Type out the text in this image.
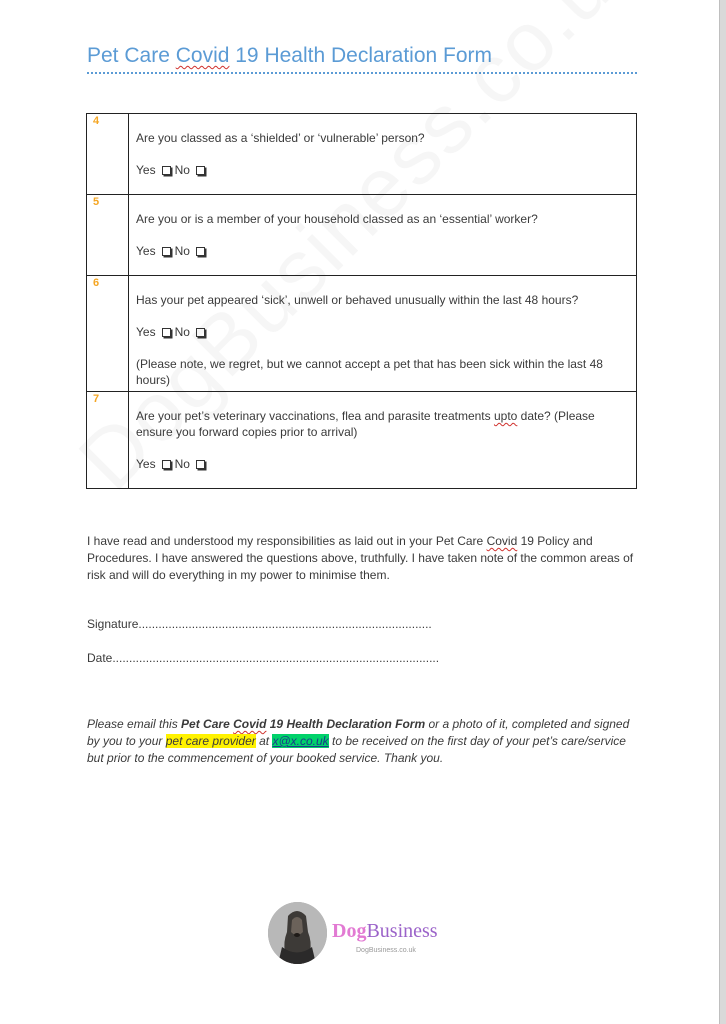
Pet Care Covid 19 Health Declaration Form
4	Are you classed as a ‘shielded’ or ‘vulnerable’ person?
Yes No

5	Are you or is a member of your household classed as an ‘essential’ worker?
Yes No

6	Has your pet appeared ‘sick’, unwell or behaved unusually within the last 48 hours?
Yes No
(Please note, we regret, but we cannot accept a pet that has been sick within the last 48 hours)

7	Are your pet’s veterinary vaccinations, flea and parasite treatments upto date? (Please ensure you forward copies prior to arrival)
Yes No
I have read and understood my responsibilities as laid out in your Pet Care Covid 19 Policy and Procedures. I have answered the questions above, truthfully. I have taken note of the common areas of risk and will do everything in my power to minimise them.
Signature........................................................................................
Date..................................................................................................
Please email this Pet Care Covid 19 Health Declaration Form or a photo of it, completed and signed by you to your pet care provider at x@x.co.uk to be received on the first day of your pet’s care/service but prior to the commencement of your booked service. Thank you.
DogBusiness
DogBusiness.co.uk
